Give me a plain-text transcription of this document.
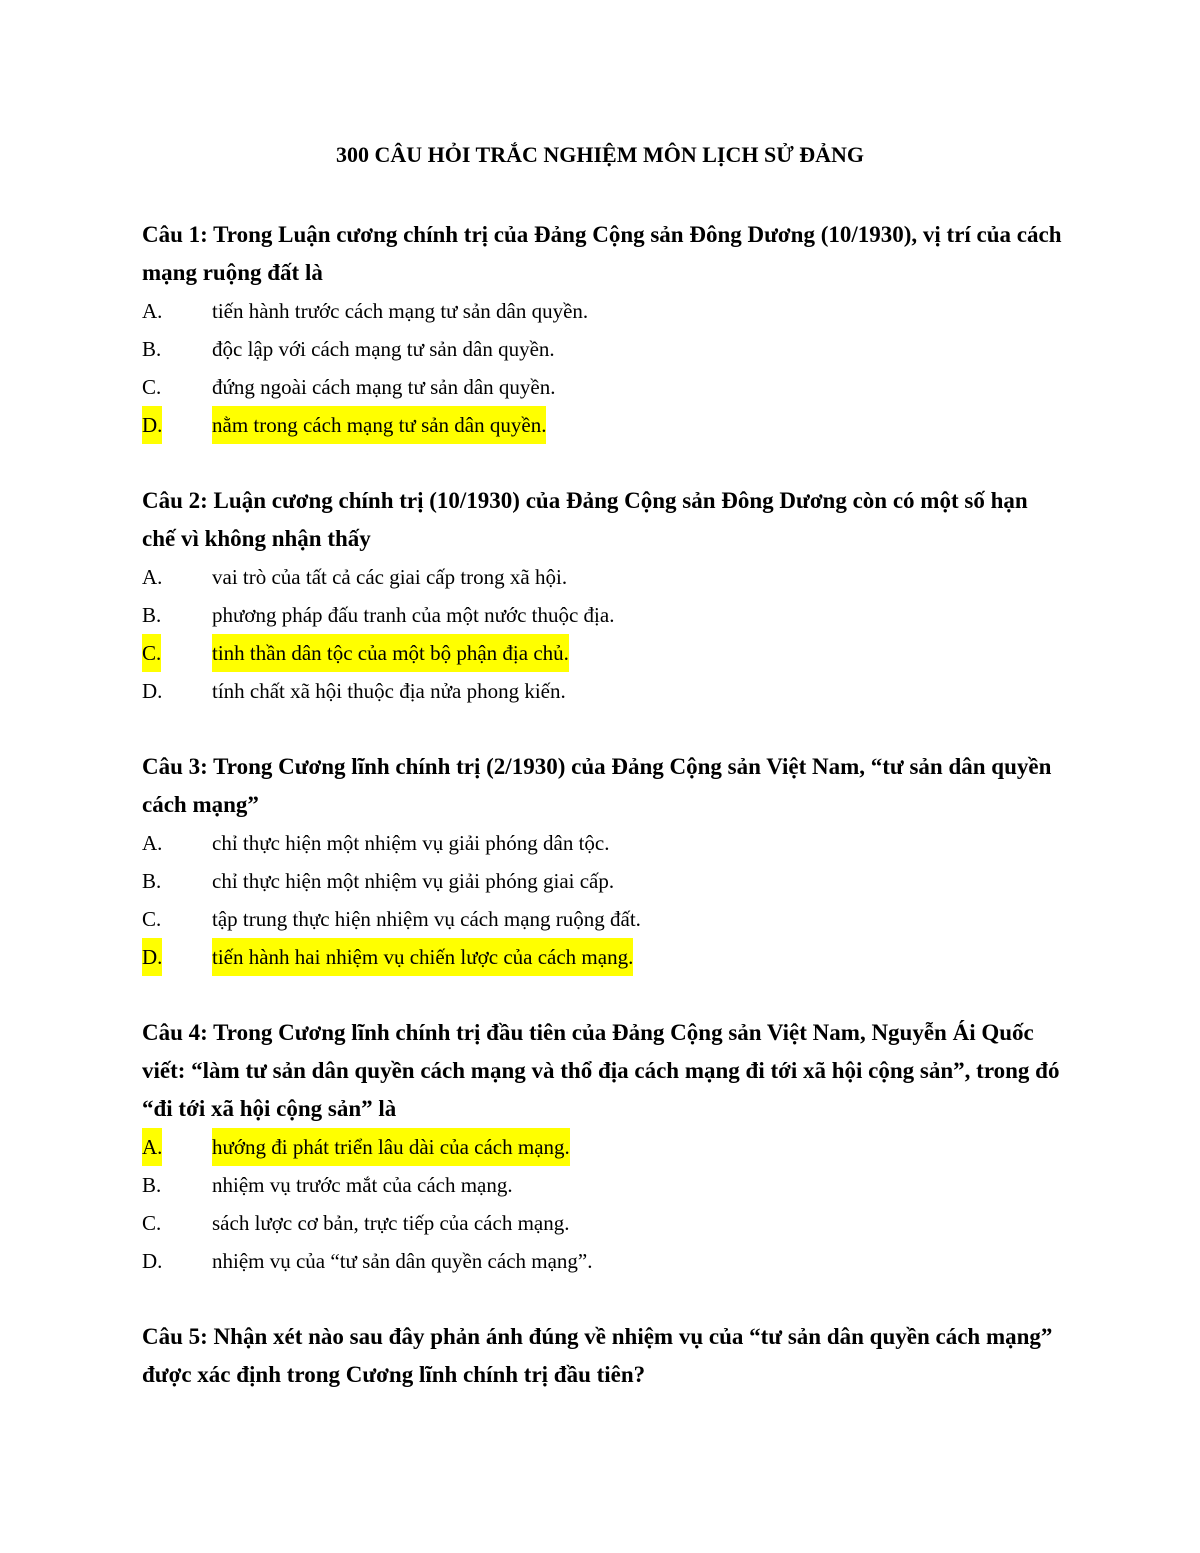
300 CÂU HỎI TRẮC NGHIỆM MÔN LỊCH SỬ ĐẢNG

Câu 1: Trong Luận cương chính trị của Đảng Cộng sản Đông Dương (10/1930), vị trí của cách mạng ruộng đất là

A. tiến hành trước cách mạng tư sản dân quyền.
B. độc lập với cách mạng tư sản dân quyền.
C. đứng ngoài cách mạng tư sản dân quyền.
D. nằm trong cách mạng tư sản dân quyền.

Câu 2: Luận cương chính trị (10/1930) của Đảng Cộng sản Đông Dương còn có một số hạn chế vì không nhận thấy

A. vai trò của tất cả các giai cấp trong xã hội.
B. phương pháp đấu tranh của một nước thuộc địa.
C. tinh thần dân tộc của một bộ phận địa chủ.
D. tính chất xã hội thuộc địa nửa phong kiến.

Câu 3: Trong Cương lĩnh chính trị (2/1930) của Đảng Cộng sản Việt Nam, “tư sản dân quyền cách mạng”

A. chỉ thực hiện một nhiệm vụ giải phóng dân tộc.
B. chỉ thực hiện một nhiệm vụ giải phóng giai cấp.
C. tập trung thực hiện nhiệm vụ cách mạng ruộng đất.
D. tiến hành hai nhiệm vụ chiến lược của cách mạng.

Câu 4: Trong Cương lĩnh chính trị đầu tiên của Đảng Cộng sản Việt Nam, Nguyễn Ái Quốc viết: “làm tư sản dân quyền cách mạng và thổ địa cách mạng đi tới xã hội cộng sản”, trong đó “đi tới xã hội cộng sản” là

A. hướng đi phát triển lâu dài của cách mạng.
B. nhiệm vụ trước mắt của cách mạng.
C. sách lược cơ bản, trực tiếp của cách mạng.
D. nhiệm vụ của “tư sản dân quyền cách mạng”.

Câu 5: Nhận xét nào sau đây phản ánh đúng về nhiệm vụ của “tư sản dân quyền cách mạng” được xác định trong Cương lĩnh chính trị đầu tiên?
